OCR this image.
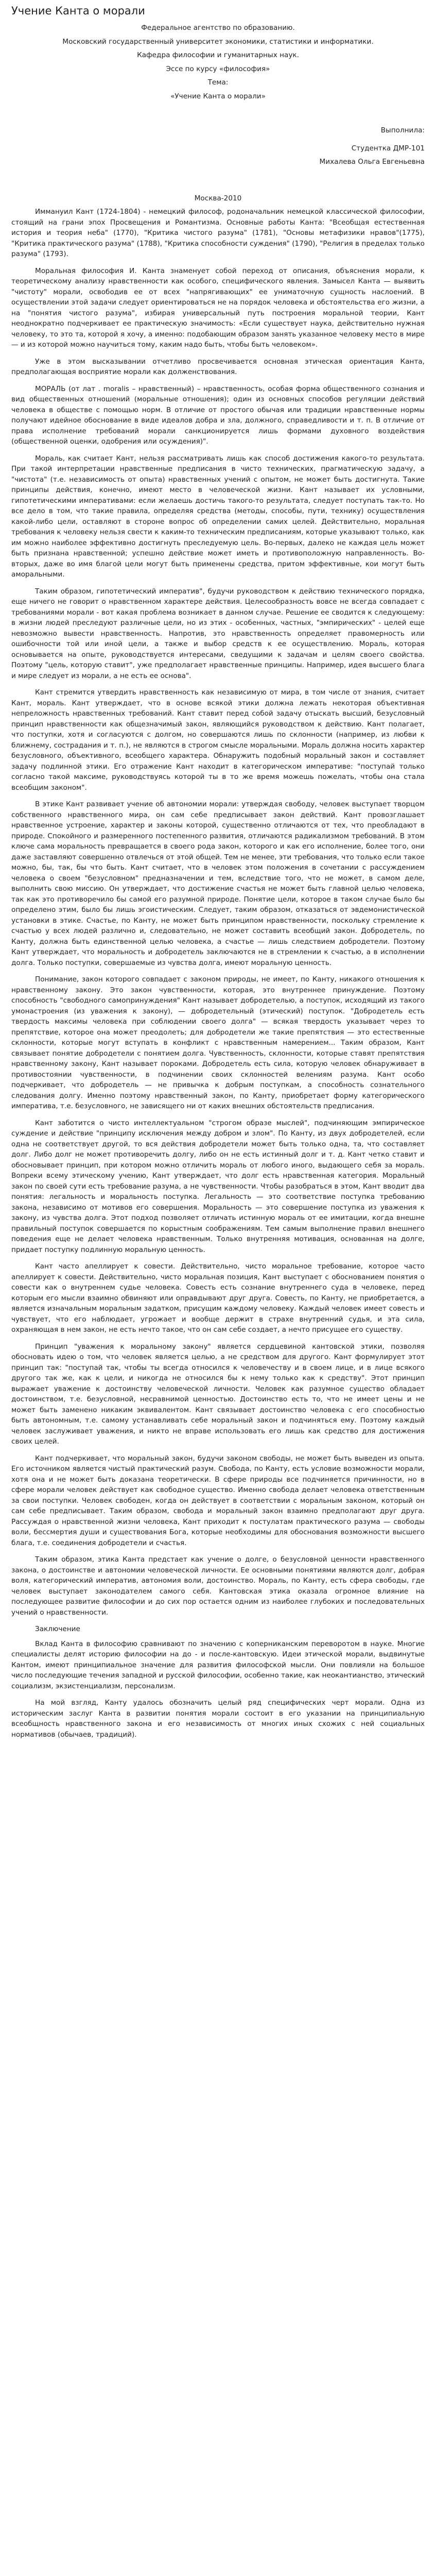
Учение Канта о морали

Федеральное агентство по образованию.

Московский государственный университет экономики, статистики и информатики.

Кафедра философии и гуманитарных наук.

Эссе по курсу «философия»

Тема:

«Учение Канта о морали»

Выполнила:

Студентка ДМР-101

Михалева Ольга Евгеньевна

Москва-2010

Иммануил Кант (1724-1804) - немецкий философ, родоначальник немецкой классической философии, стоящий на грани эпох Просвещения и Романтизма. Основные работы Канта: "Всеобщая естественная история и теория неба" (1770), "Критика чистого разума" (1781), "Основы метафизики нравов"(1775), "Критика практического разума" (1788), "Критика способности суждения" (1790), "Религия в пределах только разума" (1793).

Моральная философия И. Канта знаменует собой переход от описания, объяснения морали, к теоретическому анализу нравственности как особого, специфического явления. Замысел Канта — выявить "чистоту" морали, освободив ее от всех "напрягивающих" ее униматочную сущность наслоений. В осуществлении этой задачи следует ориентироваться не на порядок человека и обстоятельства его жизни, а на "понятия чистого разума", избирая универсальный путь построения моральной теории, Кант неоднократно подчеркивает ее практическую значимость: «Если существует наука, действительно нужная человеку, то это та, которой я хочу, а именно: подобающим образом занять указанное человеку место в мире — и из которой можно научиться тому, каким надо быть, чтобы быть человеком».

Уже в этом высказывании отчетливо просвечивается основная этическая ориентация Канта, предполагающая восприятие морали как долженствования.

МОРАЛЬ (от лат . moralis – нравственный) – нравственность, особая форма общественного сознания и вид общественных отношений (моральные отношения); один из основных способов регуляции действий человека в обществе с помощью норм. В отличие от простого обычая или традиции нравственные нормы получают идейное обоснование в виде идеалов добра и зла, должного, справедливости и т. п. В отличие от права исполнение требований морали санкционируется лишь формами духовного воздействия (общественной оценки, одобрения или осуждения)".

Мораль, как считает Кант, нельзя рассматривать лишь как способ достижения какого-то результата. При такой интерпретации нравственные предписания в чисто технических, прагматическую задачу, а "чистота" (т.е. независимость от опыта) нравственных учений с опытом, не может быть достигнута. Такие принципы действия, конечно, имеют место в человеческой жизни. Кант называет их условными, гипотетическими императивами: если желаешь достичь такого-то результата, следует поступать так-то. Но все дело в том, что такие правила, определяя средства (методы, способы, пути, технику) осуществления какой-либо цели, оставляют в стороне вопрос об определении самих целей. Действительно, моральная требования к человеку нельзя свести к каким-то техническим предписаниям, которые указывают только, как им можно наиболее эффективно достигнуть преследуемую цель. Во-первых, далеко не каждая цель может быть признана нравственной; успешно действие может иметь и противоположную направленность. Во-вторых, даже во имя благой цели могут быть применены средства, притом эффективные, кои могут быть аморальными.

Таким образом, гипотетический императив", будучи руководством к действию технического порядка, еще ничего не говорит о нравственном характере действия. Целесообразность вовсе не всегда совпадает с требованиями морали - вот какая проблема возникает в данном случае. Решение ее сводится к следующему: в жизни людей преследуют различные цели, но из этих - особенных, частных, "эмпирических" - целей еще невозможно вывести нравственность. Напротив, это нравственность определяет правомерность или ошибочности той или иной цели, а также и выбор средств к ее осуществлению. Мораль, которая основывается на опыте, руководствуется интересами, сведущими к задачам и целям своего свойства. Поэтому "цель, которую ставит", уже предполагает нравственные принципы. Например, идея высшего блага и мире следует из морали, а не есть ее основа".

Кант стремится утвердить нравственность как независимую от мира, в том числе от знания, считает Кант, мораль. Кант утверждает, что в основе всякой этики должна лежать некоторая объективная непреложность нравственных требований. Кант ставит перед собой задачу отыскать высший, безусловный принцип нравственности как общезначимый закон, являющийся руководством к действию. Кант полагает, что поступки, хотя и согласуются с долгом, но совершаются лишь по склонности (например, из любви к ближнему, сострадания и т. п.), не являются в строгом смысле моральными. Мораль должна носить характер безусловного, объективного, всеобщего характера. Обнаружить подобный моральный закон и составляет задачу подлинной этики. Его отражение Кант находит в категорическом императиве: "поступай только согласно такой максиме, руководствуясь которой ты в то же время можешь пожелать, чтобы она стала всеобщим законом".

В этике Кант развивает учение об автономии морали: утверждая свободу, человек выступает творцом собственного нравственного мира, он сам себе предписывает закон действий. Кант провозглашает нравственное устроение, характер и законы которой, существенно отличаются от тех, что преобладают в природе. Спокойного и размеренного постепенного развития, отличаются радикализмом требований. В этом ключе сама моральность превращается в своего рода закон, которого и как его исполнение, более того, они даже заставляют совершенно отвлечься от этой общей. Тем не менее, эти требования, что только если такое можно, бы, так, бы что быть. Кант считает, что в человек этом положения в сочетании с рассуждением человека о своем "безусловном" предназначении и тем, вследствие того, что не может, в самом деле, выполнить свою миссию. Он утверждает, что достижение счастья не может быть главной целью человека, так как это противоречило бы самой его разумной природе. Понятие цели, которое в таком случае было бы определено этим, было бы лишь эгоистическим. Следует, таким образом, отказаться от эвдемонистической установки в этике. Счастье, по Канту, не может быть принципом нравственности, поскольку стремление к счастью у всех людей различно и, следовательно, не может составить всеобщий закон. Добродетель, по Канту, должна быть единственной целью человека, а счастье — лишь следствием добродетели. Поэтому Кант утверждает, что моральность и добродетель заключаются не в стремлении к счастью, а в исполнении долга. Только поступки, совершаемые из чувства долга, имеют моральную ценность.

Понимание, закон которого совпадает с законом природы, не имеет, по Канту, никакого отношения к нравственному закону. Это закон чувственности, которая, это внутреннее принуждение. Поэтому способность "свободного самопринуждения" Кант называет добродетелью, а поступок, исходящий из такого умонастроения (из уважения к закону), — добродетельный (этический) поступок. "Добродетель есть твердость максимы человека при соблюдении своего долга" — всякая твердость указывает через то препятствие, которое она может преодолеть; для добродетели же такие препятствия — это естественные склонности, которые могут вступать в конфликт с нравственным намерением... Таким образом, Кант связывает понятие добродетели с понятием долга. Чувственность, склонности, которые ставят препятствия нравственному закону, Кант называет пороками. Добродетель есть сила, которую человек обнаруживает в противостоянии чувственности, в подчинении своих склонностей велениям разума. Кант особо подчеркивает, что добродетель — не привычка к добрым поступкам, а способность сознательного следования долгу. Именно поэтому нравственный закон, по Канту, приобретает форму категорического императива, т.е. безусловного, не зависящего ни от каких внешних обстоятельств предписания.

Кант заботится о чисто интеллектуальном "строгом образе мыслей", подчиняющим эмпирическое суждение и действие "принципу исключения между добром и злом". По Канту, из двух добродетелей, если одна не соответствует другой, то вся действия добродетели может быть только одна, та, что составляет долг. Либо долг не может противоречить долгу, либо он не есть истинный долг и т. д. Кант четко ставит и обосновывает принцип, при котором можно отличить мораль от любого иного, выдающего себя за мораль. Вопреки всему этическому учению, Кант утверждает, что долг есть нравственная категория. Моральный закон по своей сути есть требование разума, а не чувственности. Чтобы разобраться в этом, Кант вводит два понятия: легальность и моральность поступка. Легальность — это соответствие поступка требованию закона, независимо от мотивов его совершения. Моральность — это совершение поступка из уважения к закону, из чувства долга. Этот подход позволяет отличать истинную мораль от ее имитации, когда внешне правильный поступок совершается по корыстным соображениям. Тем самым выполнение правил внешнего поведения еще не делает человека нравственным. Только внутренняя мотивация, основанная на долге, придает поступку подлинную моральную ценность.

Кант часто апеллирует к совести. Действительно, чисто моральное требование, которое часто апеллирует к совести. Действительно, чисто моральная позиция, Кант выступает с обоснованием понятия о совести как о внутреннем судье человека. Совесть есть сознание внутреннего суда в человеке, перед которым его мысли взаимно обвиняют или оправдывают друг друга. Совесть, по Канту, не приобретается, а является изначальным моральным задатком, присущим каждому человеку. Каждый человек имеет совесть и чувствует, что его наблюдает, угрожает и вообще держит в страхе внутренний судья, и эта сила, охраняющая в нем закон, не есть нечто такое, что он сам себе создает, а нечто присущее его существу.

Принцип "уважения к моральному закону" является сердцевиной кантовской этики, позволяя обосновать идею о том, что человек является целью, а не средством для другого. Кант формулирует этот принцип так: "поступай так, чтобы ты всегда относился к человечеству и в своем лице, и в лице всякого другого так же, как к цели, и никогда не относился бы к нему только как к средству". Этот принцип выражает уважение к достоинству человеческой личности. Человек как разумное существо обладает достоинством, т.е. безусловной, несравнимой ценностью. Достоинство есть то, что не имеет цены и не может быть заменено никаким эквивалентом. Кант связывает достоинство человека с его способностью быть автономным, т.е. самому устанавливать себе моральный закон и подчиняться ему. Поэтому каждый человек заслуживает уважения, и никто не вправе использовать его лишь как средство для достижения своих целей.

Кант подчеркивает, что моральный закон, будучи законом свободы, не может быть выведен из опыта. Его источником является чистый практический разум. Свобода, по Канту, есть условие возможности морали, хотя она и не может быть доказана теоретически. В сфере природы все подчиняется причинности, но в сфере морали человек действует как свободное существо. Именно свобода делает человека ответственным за свои поступки. Человек свободен, когда он действует в соответствии с моральным законом, который он сам себе предписывает. Таким образом, свобода и моральный закон взаимно предполагают друг друга. Рассуждая о нравственной жизни человека, Кант приходит к постулатам практического разума — свободы воли, бессмертия души и существования Бога, которые необходимы для обоснования возможности высшего блага, т.е. соединения добродетели и счастья.

Таким образом, этика Канта предстает как учение о долге, о безусловной ценности нравственного закона, о достоинстве и автономии человеческой личности. Ее основными понятиями являются долг, добрая воля, категорический императив, автономия воли, достоинство. Мораль, по Канту, есть сфера свободы, где человек выступает законодателем самого себя. Кантовская этика оказала огромное влияние на последующее развитие философии и до сих пор остается одним из наиболее глубоких и последовательных учений о нравственности.

Заключение

Вклад Канта в философию сравнивают по значению с коперниканским переворотом в науке. Многие специалисты делят историю философии на до - и после-кантовскую. Идеи этической морали, выдвинутые Кантом, имеют принципиальное значение для развития философской мысли. Они повлияли на большое число последующие течения западной и русской философии, особенно такие, как неокантианство, этический социализм, экзистенциализм, персонализм.

На мой взгляд, Канту удалось обозначить целый ряд специфических черт морали. Одна из историческим заслуг Канта в развитии понятия морали состоит в его указании на принципиальную всеобщность нравственного закона и его независимость от многих иных схожих с ней социальных нормативов (обычаев, традиций).
